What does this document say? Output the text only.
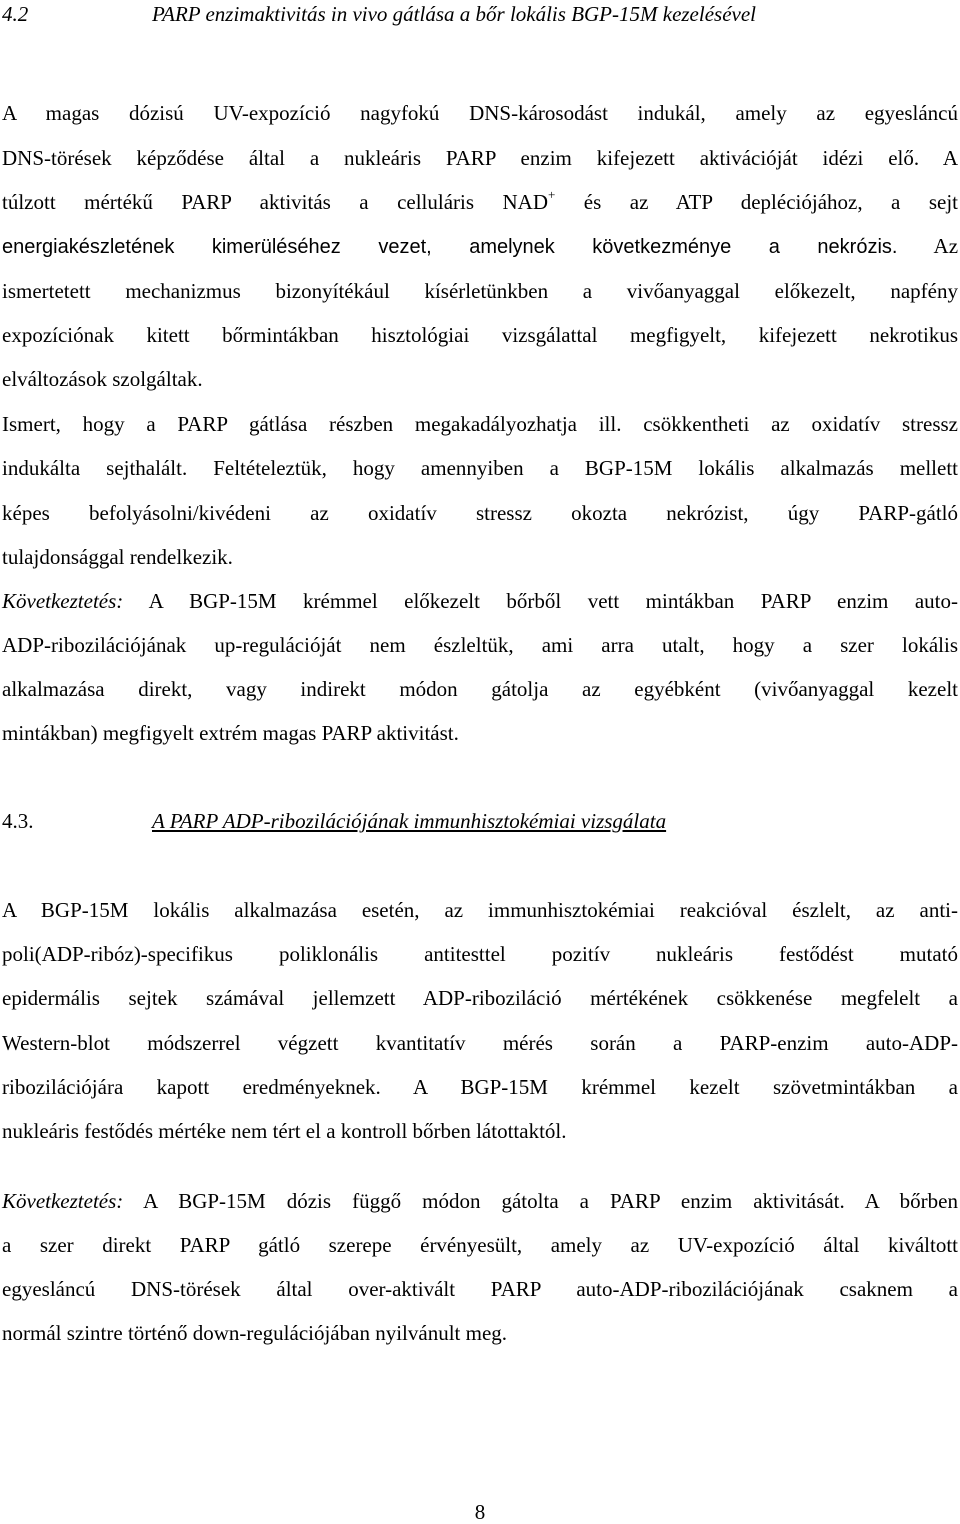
4.2	PARP enzimaktivitás in vivo gátlása a bőr lokális BGP-15M kezelésével
A magas dózisú UV-expozíció nagyfokú DNS-károsodást indukál, amely az egyesláncú
DNS-törések képződése által a nukleáris PARP enzim kifejezett aktivációját idézi elő. A
túlzott mértékű PARP aktivitás a celluláris NAD+ és az ATP depléciójához, a sejt
energiakészletének kimerüléséhez vezet, amelynek következménye a nekrózis. Az
ismertetett mechanizmus bizonyítékául kísérletünkben a vivőanyaggal előkezelt, napfény
expozíciónak kitett bőrmintákban hisztológiai vizsgálattal megfigyelt, kifejezett nekrotikus
elváltozások szolgáltak.
Ismert, hogy a PARP gátlása részben megakadályozhatja ill. csökkentheti az oxidatív stressz
indukálta sejthalált. Feltételeztük, hogy amennyiben a BGP-15M lokális alkalmazás mellett
képes befolyásolni/kivédeni az oxidatív stressz okozta nekrózist, úgy PARP-gátló
tulajdonsággal rendelkezik.
Következtetés: A BGP-15M krémmel előkezelt bőrből vett mintákban PARP enzim auto-
ADP-ribozilációjának up-regulációját nem észleltük, ami arra utalt, hogy a szer lokális
alkalmazása direkt, vagy indirekt módon gátolja az egyébként (vivőanyaggal kezelt
mintákban) megfigyelt extrém magas PARP aktivitást.
4.3.	A PARP ADP-ribozilációjának immunhisztokémiai vizsgálata
A BGP-15M lokális alkalmazása esetén, az immunhisztokémiai reakcióval észlelt, az anti-
poli(ADP-ribóz)-specifikus poliklonális antitesttel pozitív nukleáris festődést mutató
epidermális sejtek számával jellemzett ADP-riboziláció mértékének csökkenése megfelelt a
Western-blot módszerrel végzett kvantitatív mérés során a PARP-enzim auto-ADP-
ribozilációjára kapott eredményeknek. A BGP-15M krémmel kezelt szövetmintákban a
nukleáris festődés mértéke nem tért el a kontroll bőrben látottaktól.
Következtetés: A BGP-15M dózis függő módon gátolta a PARP enzim aktivitását. A bőrben
a szer direkt PARP gátló szerepe érvényesült, amely az UV-expozíció által kiváltott
egyesláncú DNS-törések által over-aktivált PARP auto-ADP-ribozilációjának csaknem a
normál szintre történő down-regulációjában nyilvánult meg.
8
